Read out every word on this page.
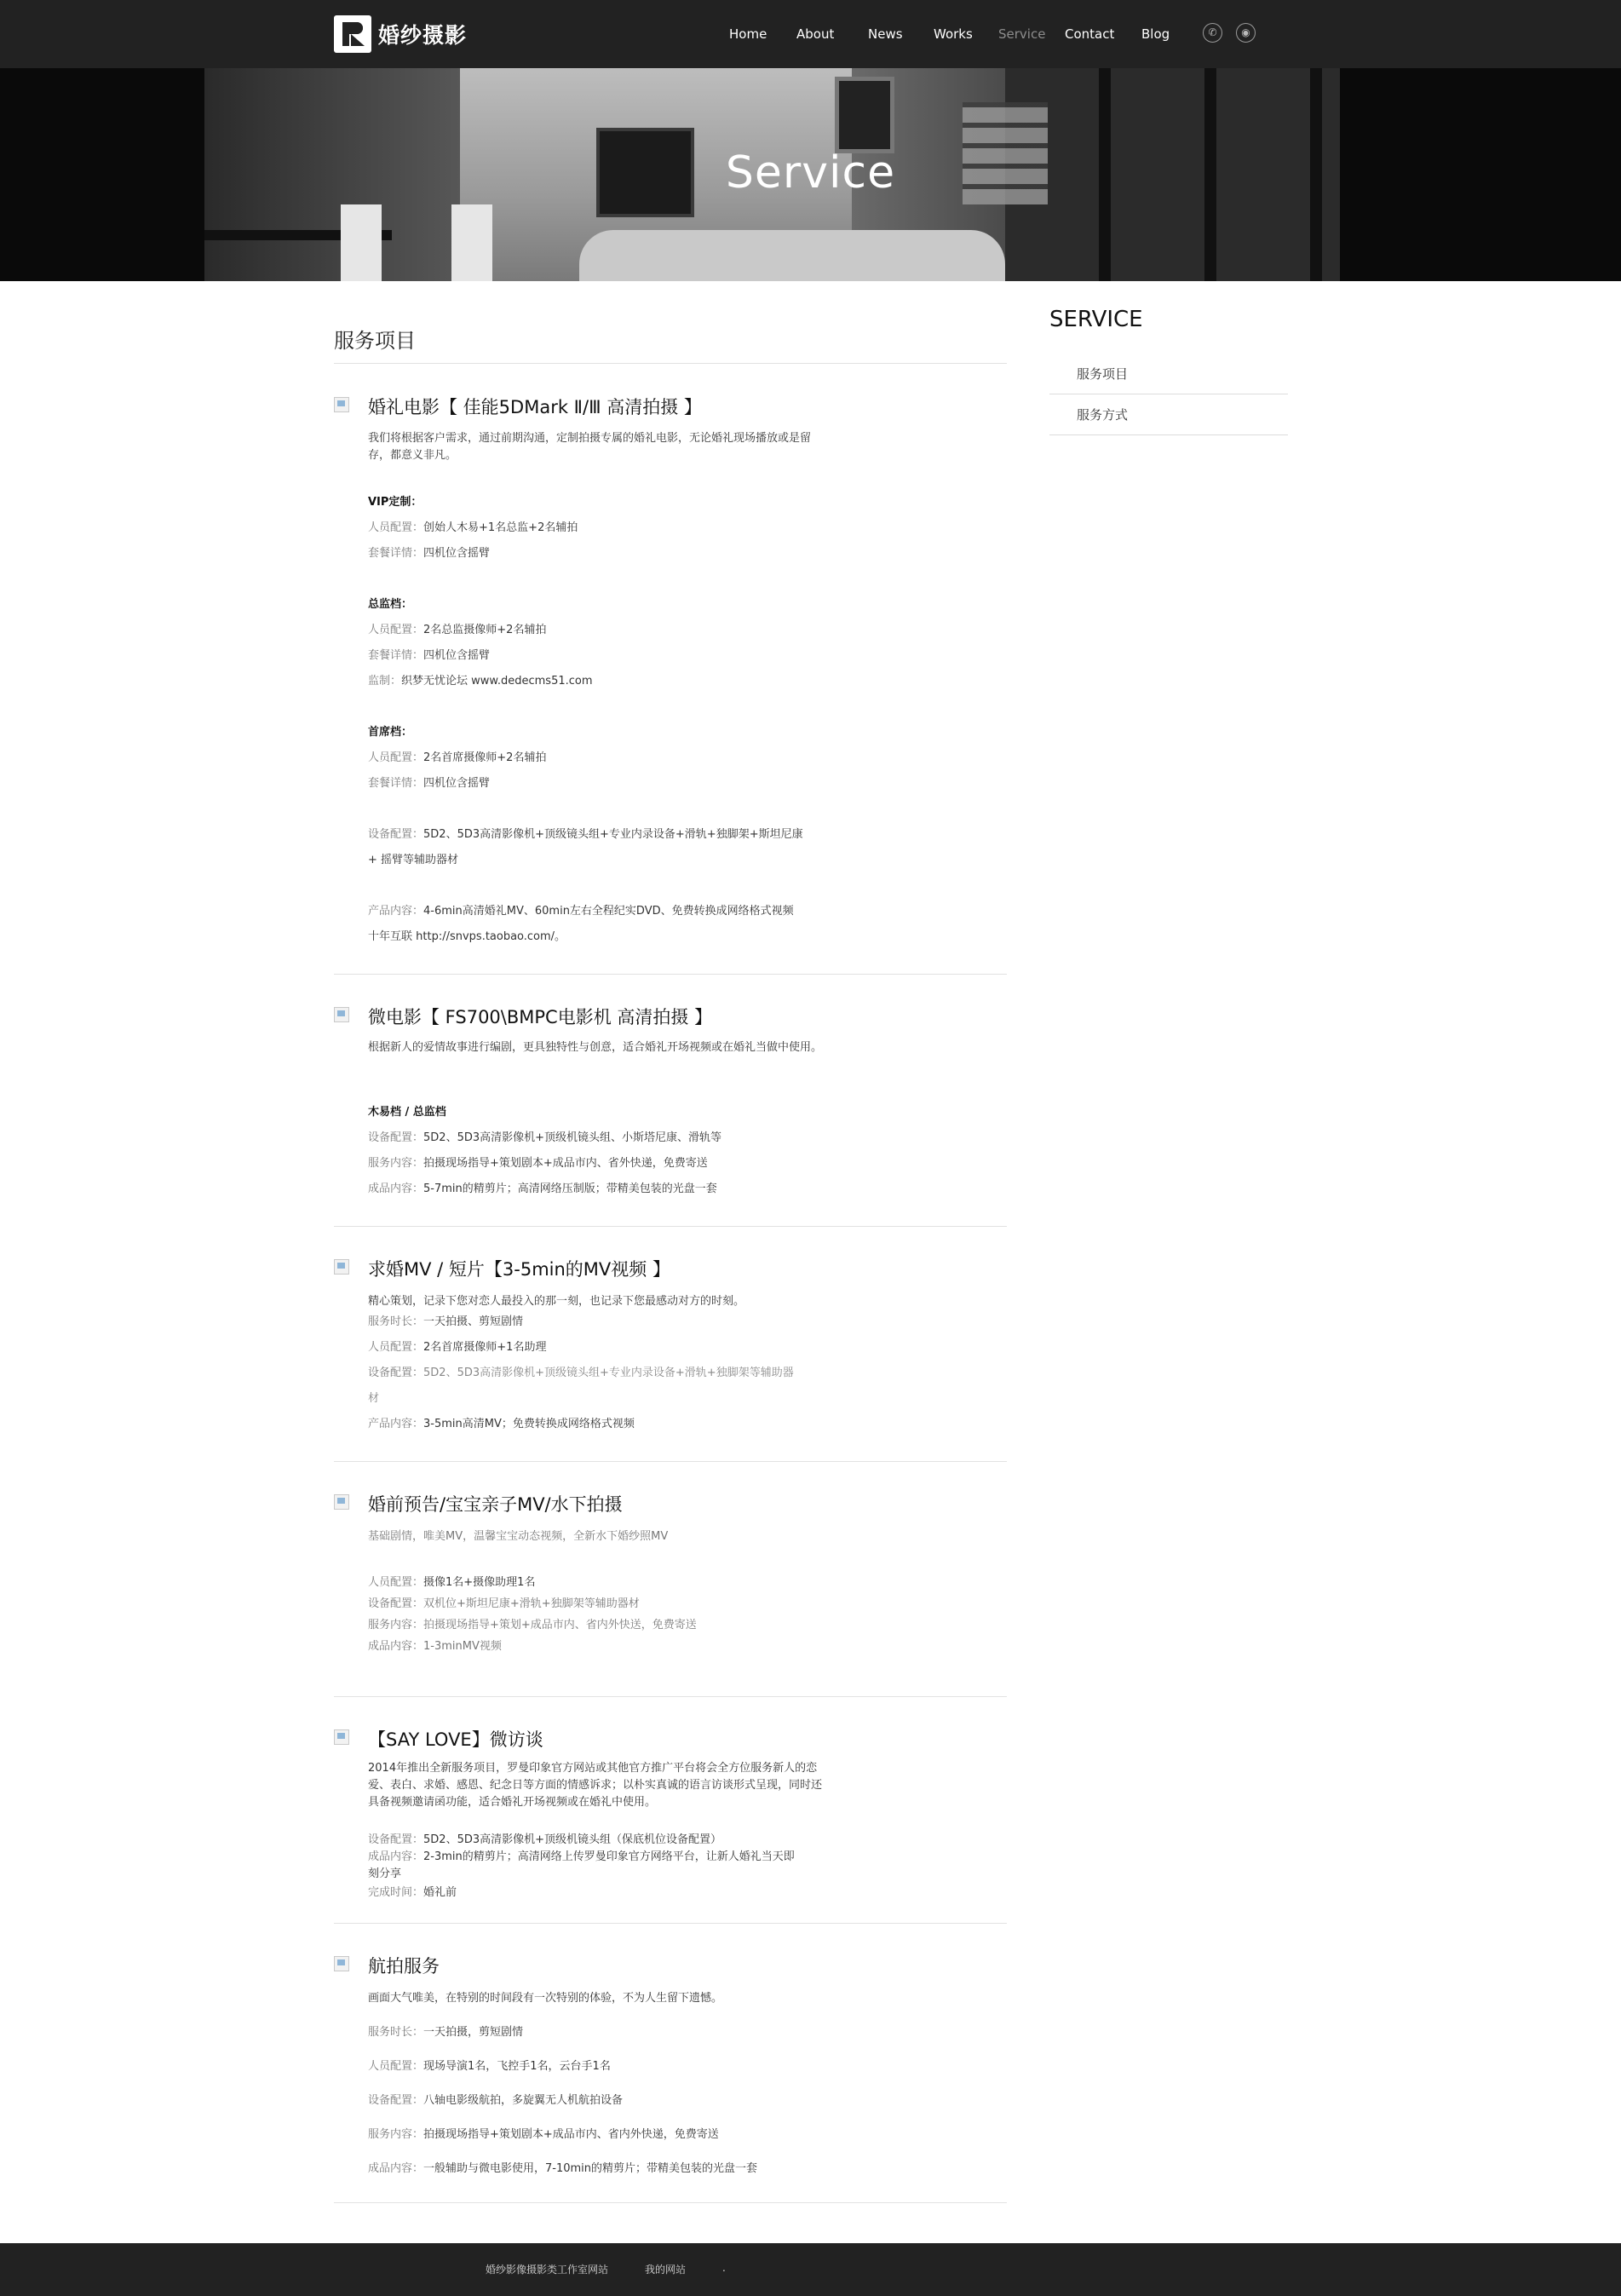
婚纱摄影	Home About	News Works Service Contact Blog	✆	◉
Service
服务项目
婚礼电影【 佳能5DMark Ⅱ/Ⅲ 高清拍摄 】
我们将根据客户需求，通过前期沟通，定制拍摄专属的婚礼电影，无论婚礼现场播放或是留存，都意义非凡。
VIP定制：
人员配置：创始人木易+1名总监+2名辅拍
套餐详情：四机位含摇臂
总监档：
人员配置：2名总监摄像师+2名辅拍
套餐详情：四机位含摇臂
监制：织梦无忧论坛 www.dedecms51.com
首席档：
人员配置：2名首席摄像师+2名辅拍
套餐详情：四机位含摇臂
设备配置：5D2、5D3高清影像机+顶级镜头组+专业内录设备+滑轨+独脚架+斯坦尼康
+ 摇臂等辅助器材
产品内容：4-6min高清婚礼MV、60min左右全程纪实DVD、免费转换成网络格式视频
十年互联 http://snvps.taobao.com/。
微电影【 FS700\BMPC电影机 高清拍摄 】
根据新人的爱情故事进行编剧，更具独特性与创意，适合婚礼开场视频或在婚礼当做中使用。
木易档 / 总监档
设备配置：5D2、5D3高清影像机+顶级机镜头组、小斯塔尼康、滑轨等
服务内容：拍摄现场指导+策划剧本+成品市内、省外快递，免费寄送
成品内容：5-7min的精剪片；高清网络压制版；带精美包装的光盘一套
求婚MV / 短片【3-5min的MV视频 】
精心策划，记录下您对恋人最投入的那一刻，也记录下您最感动对方的时刻。
服务时长：一天拍摄、剪短剧情
人员配置：2名首席摄像师+1名助理
设备配置：5D2、5D3高清影像机+顶级镜头组+专业内录设备+滑轨+独脚架等辅助器
材
产品内容：3-5min高清MV；免费转换成网络格式视频
婚前预告/宝宝亲子MV/水下拍摄
基础剧情，唯美MV，温馨宝宝动态视频，全新水下婚纱照MV
人员配置：摄像1名+摄像助理1名
设备配置：双机位+斯坦尼康+滑轨+独脚架等辅助器材
服务内容：拍摄现场指导+策划+成品市内、省内外快送，免费寄送
成品内容：1-3minMV视频
【SAY LOVE】微访谈
2014年推出全新服务项目，罗曼印象官方网站或其他官方推广平台将会全方位服务新人的恋爱、表白、求婚、感恩、纪念日等方面的情感诉求；以朴实真诚的语言访谈形式呈现，同时还具备视频邀请函功能，适合婚礼开场视频或在婚礼中使用。
设备配置：5D2、5D3高清影像机+顶级机镜头组（保底机位设备配置）
成品内容：2-3min的精剪片；高清网络上传罗曼印象官方网络平台，让新人婚礼当天即
刻分享
完成时间：婚礼前
航拍服务
画面大气唯美，在特别的时间段有一次特别的体验，不为人生留下遗憾。
服务时长：一天拍摄，剪短剧情
人员配置：现场导演1名，飞控手1名，云台手1名
设备配置：八轴电影级航拍，多旋翼无人机航拍设备
服务内容：拍摄现场指导+策划剧本+成品市内、省内外快递，免费寄送
成品内容：一般辅助与微电影使用，7-10min的精剪片；带精美包装的光盘一套
SERVICE
服务项目
服务方式
婚纱影像摄影类工作室网站	我的网站	.
